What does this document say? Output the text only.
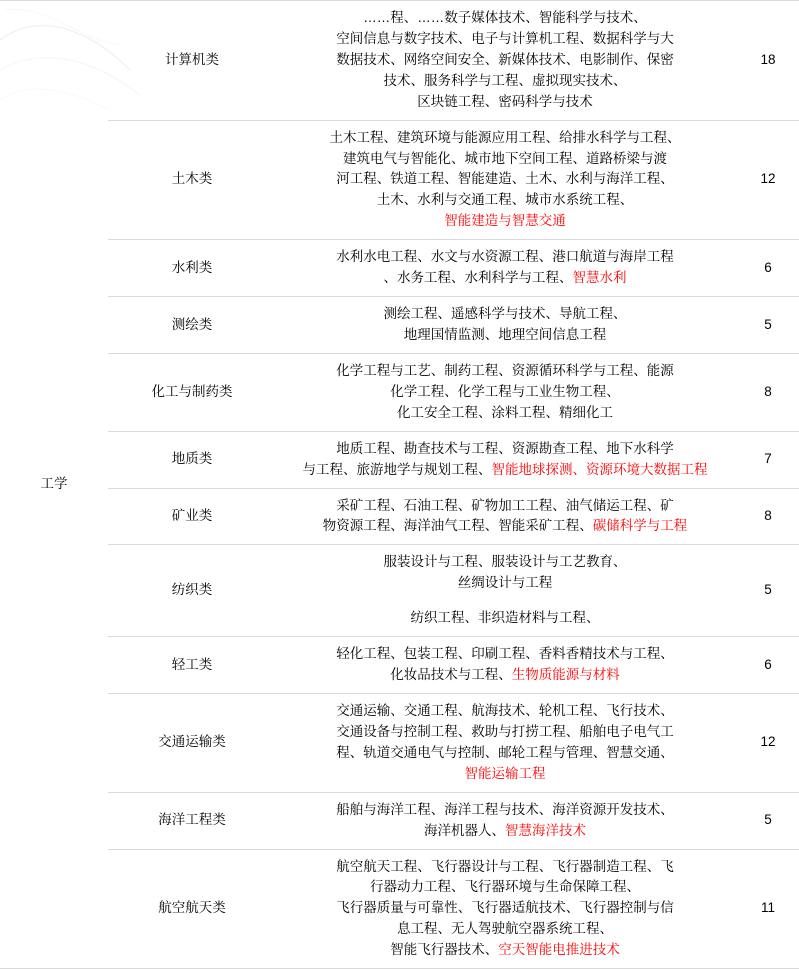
工学	计算机类	……程、……数子媒体技术、智能科学与技术、
空间信息与数字技术、电子与计算机工程、数据科学与大
数据技术、网络空间安全、新媒体技术、电影制作、保密
技术、服务科学与工程、虚拟现实技术、
区块链工程、密码科学与技术	18
	土木类	土木工程、建筑环境与能源应用工程、给排水科学与工程、
建筑电气与智能化、城市地下空间工程、道路桥梁与渡
河工程、铁道工程、智能建造、土木、水利与海洋工程、
土木、水利与交通工程、城市水系统工程、
智能建造与智慧交通	12
	水利类	水利水电工程、水文与水资源工程、港口航道与海岸工程
、水务工程、水利科学与工程、智慧水利	6
	测绘类	测绘工程、遥感科学与技术、导航工程、
地理国情监测、地理空间信息工程	5
	化工与制药类	化学工程与工艺、制药工程、资源循环科学与工程、能源
化学工程、化学工程与工业生物工程、
化工安全工程、涂料工程、精细化工	8
	地质类	地质工程、勘查技术与工程、资源勘查工程、地下水科学
与工程、旅游地学与规划工程、智能地球探测、资源环境大数据工程	7
	矿业类	采矿工程、石油工程、矿物加工工程、油气储运工程、矿
物资源工程、海洋油气工程、智能采矿工程、碳储科学与工程	8
	纺织类	服装设计与工程、服装设计与工艺教育、
丝绸设计与工程
纺织工程、非织造材料与工程、	5
	轻工类	轻化工程、包装工程、印刷工程、香料香精技术与工程、
化妆品技术与工程、生物质能源与材料	6
	交通运输类	交通运输、交通工程、航海技术、轮机工程、飞行技术、
交通设备与控制工程、救助与打捞工程、船舶电子电气工
程、轨道交通电气与控制、邮轮工程与管理、智慧交通、
智能运输工程	12
	海洋工程类	船舶与海洋工程、海洋工程与技术、海洋资源开发技术、
海洋机器人、智慧海洋技术	5
	航空航天类	航空航天工程、飞行器设计与工程、飞行器制造工程、飞
行器动力工程、飞行器环境与生命保障工程、
飞行器质量与可靠性、飞行器适航技术、飞行器控制与信
息工程、无人驾驶航空器系统工程、
智能飞行器技术、空天智能电推进技术	11
